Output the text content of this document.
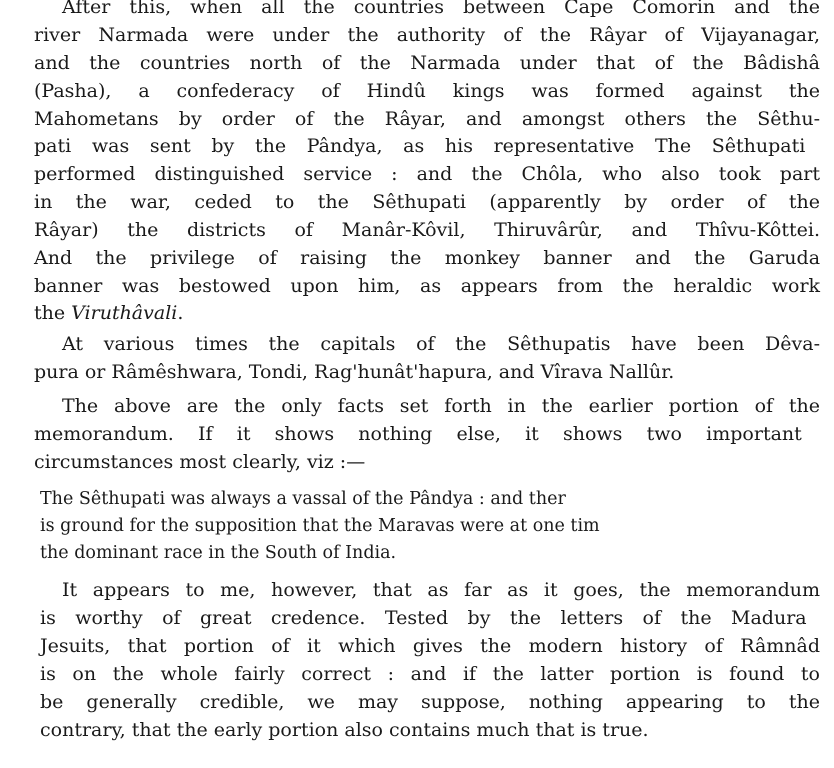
After this, when all the countries between Cape Comorin and the
river Narmada were under the authority of the Râyar of Vijayanagar,
and the countries north of the Narmada under that of the Bâdishâ
(Pasha), a confederacy of Hindû kings was formed against the
Mahometans by order of the Râyar, and amongst others the Sêthu-
pati was sent by the Pândya, as his representative The Sêthupati
performed distinguished service : and the Chôla, who also took part
in the war, ceded to the Sêthupati (apparently by order of the
Râyar) the districts of Manâr-Kôvil, Thiruvârûr, and Thîvu-Kôttei.
And the privilege of raising the monkey banner and the Garuda
banner was bestowed upon him, as appears from the heraldic work
the Viruthâvali.
At various times the capitals of the Sêthupatis have been Dêva-
pura or Râmêshwara, Tondi, Rag'hunât'hapura, and Vîrava Nallûr.
The above are the only facts set forth in the earlier portion of the
memorandum. If it shows nothing else, it shows two important
circumstances most clearly, viz :—
The Sêthupati was always a vassal of the Pândya : and ther
is ground for the supposition that the Maravas were at one tim
the dominant race in the South of India.
It appears to me, however, that as far as it goes, the memorandum
is worthy of great credence. Tested by the letters of the Madura
Jesuits, that portion of it which gives the modern history of Râmnâd
is on the whole fairly correct : and if the latter portion is found to
be generally credible, we may suppose, nothing appearing to the
contrary, that the early portion also contains much that is true.
